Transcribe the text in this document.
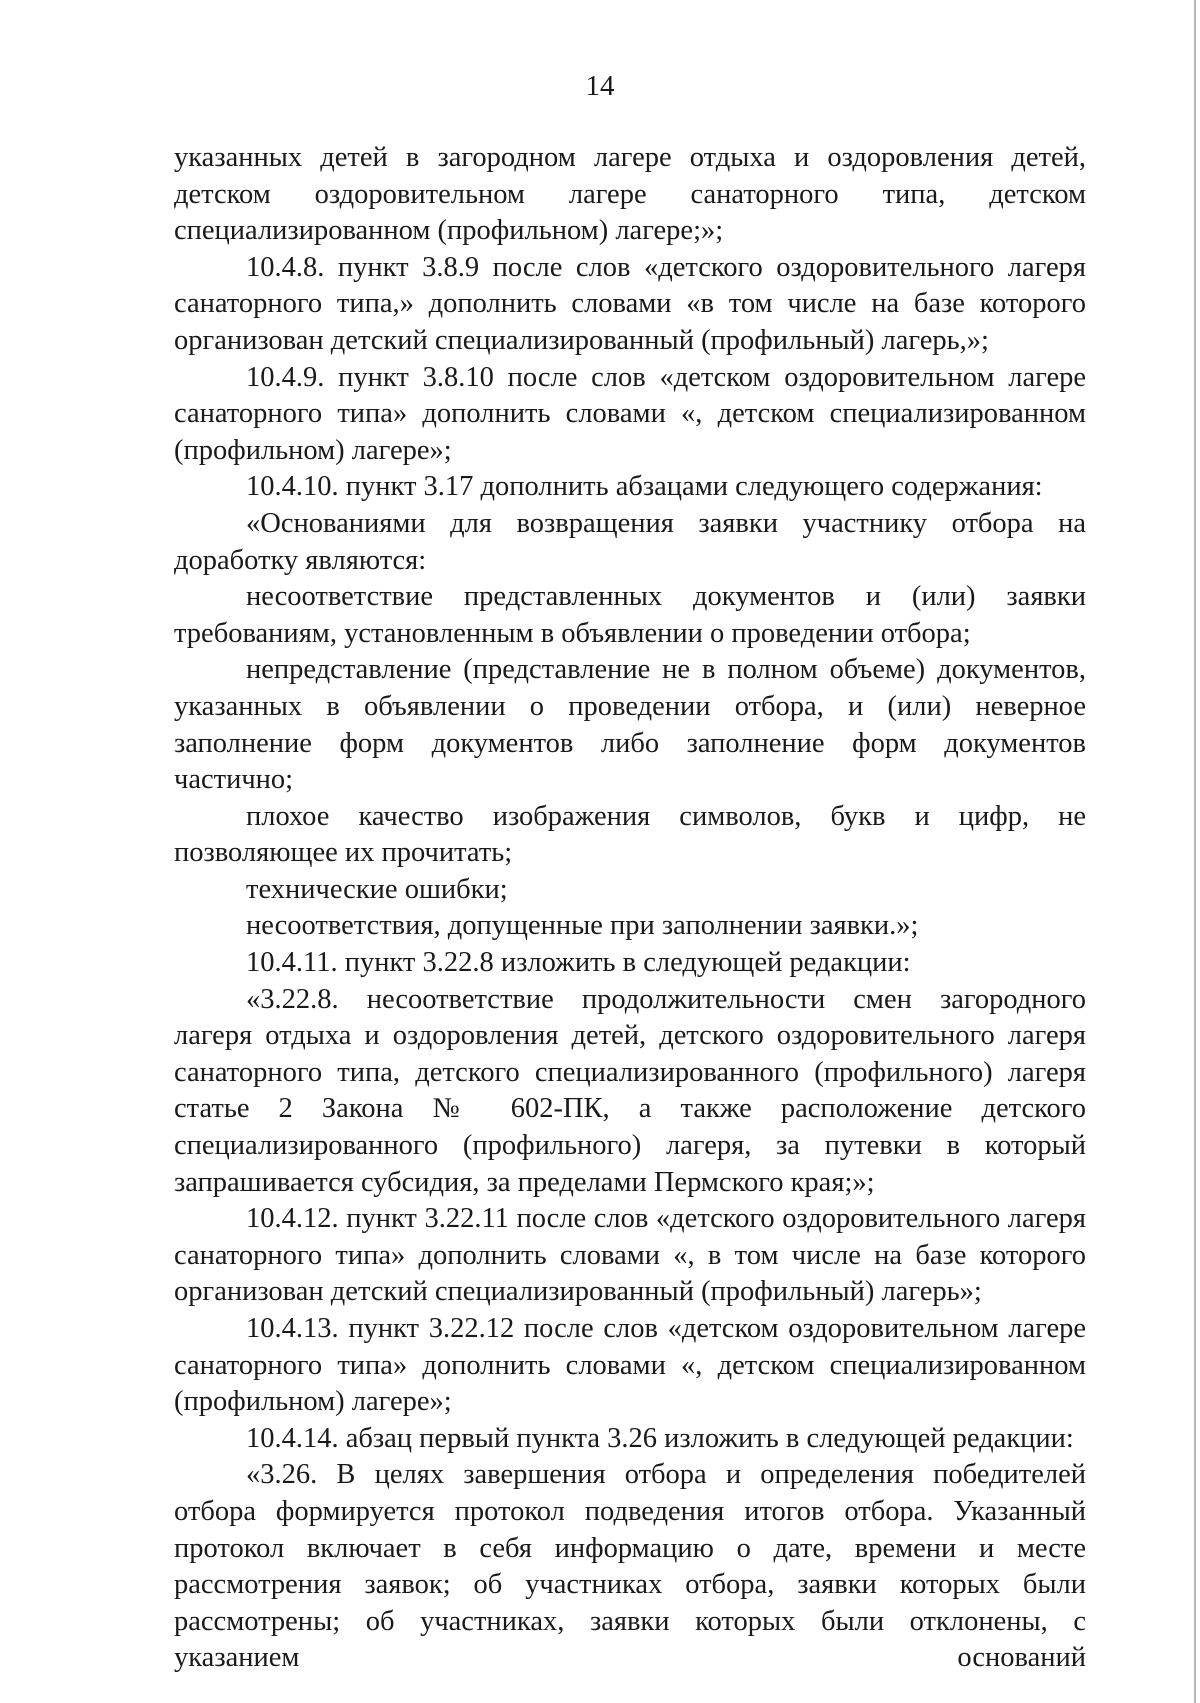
14

указанных детей в загородном лагере отдыха и оздоровления детей, детском оздоровительном лагере санаторного типа, детском специализированном (профильном) лагере;»;

10.4.8. пункт 3.8.9 после слов «детского оздоровительного лагеря санаторного типа,» дополнить словами «в том числе на базе которого организован детский специализированный (профильный) лагерь,»;

10.4.9. пункт 3.8.10 после слов «детском оздоровительном лагере санаторного типа» дополнить словами «, детском специализированном (профильном) лагере»;

10.4.10. пункт 3.17 дополнить абзацами следующего содержания:

«Основаниями для возвращения заявки участнику отбора на доработку являются:

несоответствие представленных документов и (или) заявки требованиям, установленным в объявлении о проведении отбора;

непредставление (представление не в полном объеме) документов, указанных в объявлении о проведении отбора, и (или) неверное заполнение форм документов либо заполнение форм документов частично;

плохое качество изображения символов, букв и цифр, не позволяющее их прочитать;

технические ошибки;

несоответствия, допущенные при заполнении заявки.»;

10.4.11. пункт 3.22.8 изложить в следующей редакции:

«3.22.8. несоответствие продолжительности смен загородного лагеря отдыха и оздоровления детей, детского оздоровительного лагеря санаторного типа, детского специализированного (профильного) лагеря статье 2 Закона № 602-ПК, а также расположение детского специализированного (профильного) лагеря, за путевки в который запрашивается субсидия, за пределами Пермского края;»;

10.4.12. пункт 3.22.11 после слов «детского оздоровительного лагеря санаторного типа» дополнить словами «, в том числе на базе которого организован детский специализированный (профильный) лагерь»;

10.4.13. пункт 3.22.12 после слов «детском оздоровительном лагере санаторного типа» дополнить словами «, детском специализированном (профильном) лагере»;

10.4.14. абзац первый пункта 3.26 изложить в следующей редакции:

«3.26. В целях завершения отбора и определения победителей отбора формируется протокол подведения итогов отбора. Указанный протокол включает в себя информацию о дате, времени и месте рассмотрения заявок; об участниках отбора, заявки которых были рассмотрены; об участниках, заявки которых были отклонены, с указанием оснований
